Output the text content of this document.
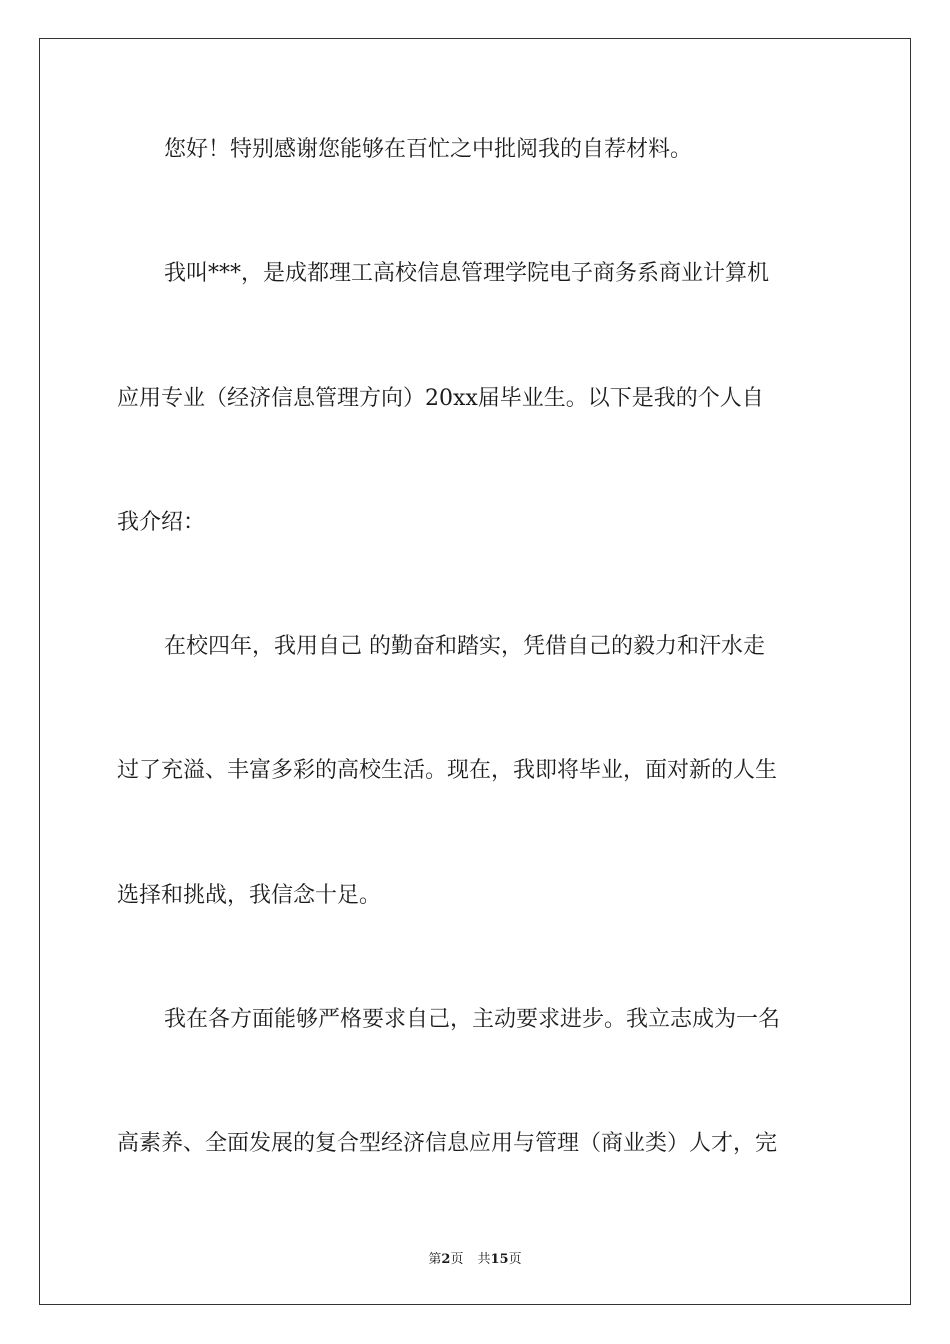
您好！特别感谢您能够在百忙之中批阅我的自荐材料。

我叫***，是成都理工高校信息管理学院电子商务系商业计算机

应用专业（经济信息管理方向）20xx届毕业生。以下是我的个人自

我介绍：

在校四年，我用自己 的勤奋和踏实，凭借自己的毅力和汗水走

过了充溢、丰富多彩的高校生活。现在，我即将毕业，面对新的人生

选择和挑战，我信念十足。

我在各方面能够严格要求自己，主动要求进步。我立志成为一名

高素养、全面发展的复合型经济信息应用与管理（商业类）人才，完

第2页 共15页
